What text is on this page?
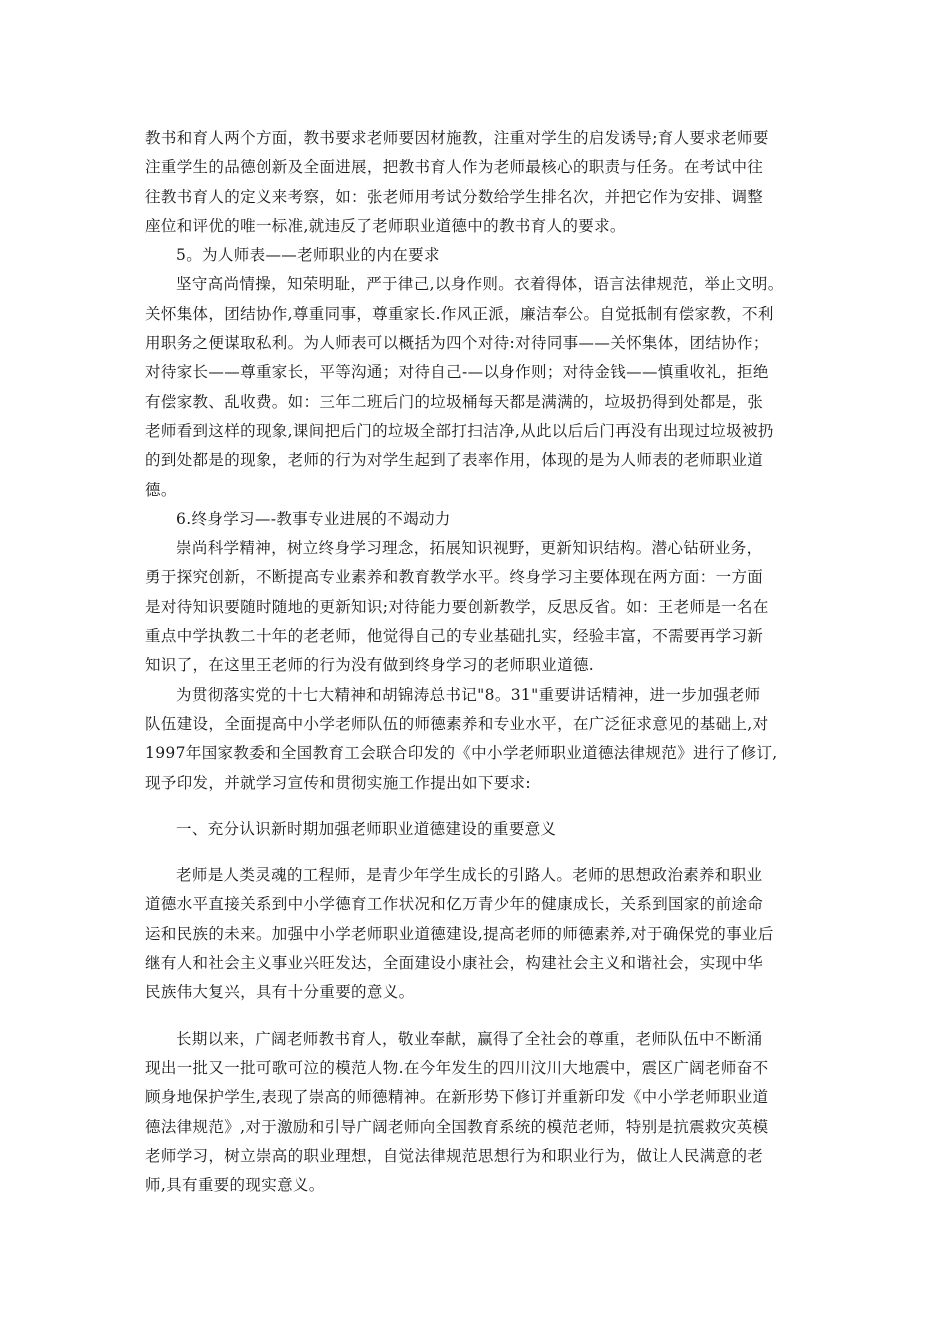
教书和育人两个方面，教书要求老师要因材施教，注重对学生的启发诱导;育人要求老师要
注重学生的品德创新及全面进展，把教书育人作为老师最核心的职责与任务。在考试中往
往教书育人的定义来考察，如：张老师用考试分数给学生排名次，并把它作为安排、调整
座位和评优的唯一标准,就违反了老师职业道德中的教书育人的要求。
5。为人师表——老师职业的内在要求
坚守高尚情操，知荣明耻，严于律己,以身作则。衣着得体，语言法律规范，举止文明。
关怀集体，团结协作,尊重同事，尊重家长.作风正派，廉洁奉公。自觉抵制有偿家教，不利
用职务之便谋取私利。为人师表可以概括为四个对待:对待同事——关怀集体，团结协作；
对待家长——尊重家长，平等沟通；对待自己-—以身作则；对待金钱——慎重收礼，拒绝
有偿家教、乱收费。如：三年二班后门的垃圾桶每天都是满满的，垃圾扔得到处都是，张
老师看到这样的现象,课间把后门的垃圾全部打扫洁净,从此以后后门再没有出现过垃圾被扔
的到处都是的现象，老师的行为对学生起到了表率作用，体现的是为人师表的老师职业道
德。
6.终身学习—-教事专业进展的不竭动力
崇尚科学精神，树立终身学习理念，拓展知识视野，更新知识结构。潜心钻研业务，
勇于探究创新，不断提高专业素养和教育教学水平。终身学习主要体现在两方面：一方面
是对待知识要随时随地的更新知识;对待能力要创新教学，反思反省。如：王老师是一名在
重点中学执教二十年的老老师，他觉得自己的专业基础扎实，经验丰富，不需要再学习新
知识了，在这里王老师的行为没有做到终身学习的老师职业道德.
为贯彻落实党的十七大精神和胡锦涛总书记"8。31"重要讲话精神，进一步加强老师
队伍建设，全面提高中小学老师队伍的师德素养和专业水平，在广泛征求意见的基础上,对
1997年国家教委和全国教育工会联合印发的《中小学老师职业道德法律规范》进行了修订,
现予印发，并就学习宣传和贯彻实施工作提出如下要求:
一、充分认识新时期加强老师职业道德建设的重要意义
老师是人类灵魂的工程师，是青少年学生成长的引路人。老师的思想政治素养和职业
道德水平直接关系到中小学德育工作状况和亿万青少年的健康成长，关系到国家的前途命
运和民族的未来。加强中小学老师职业道德建设,提高老师的师德素养,对于确保党的事业后
继有人和社会主义事业兴旺发达，全面建设小康社会，构建社会主义和谐社会，实现中华
民族伟大复兴，具有十分重要的意义。
长期以来，广阔老师教书育人，敬业奉献，赢得了全社会的尊重，老师队伍中不断涌
现出一批又一批可歌可泣的模范人物.在今年发生的四川汶川大地震中，震区广阔老师奋不
顾身地保护学生,表现了崇高的师德精神。在新形势下修订并重新印发《中小学老师职业道
德法律规范》,对于激励和引导广阔老师向全国教育系统的模范老师，特别是抗震救灾英模
老师学习，树立崇高的职业理想，自觉法律规范思想行为和职业行为，做让人民满意的老
师,具有重要的现实意义。
